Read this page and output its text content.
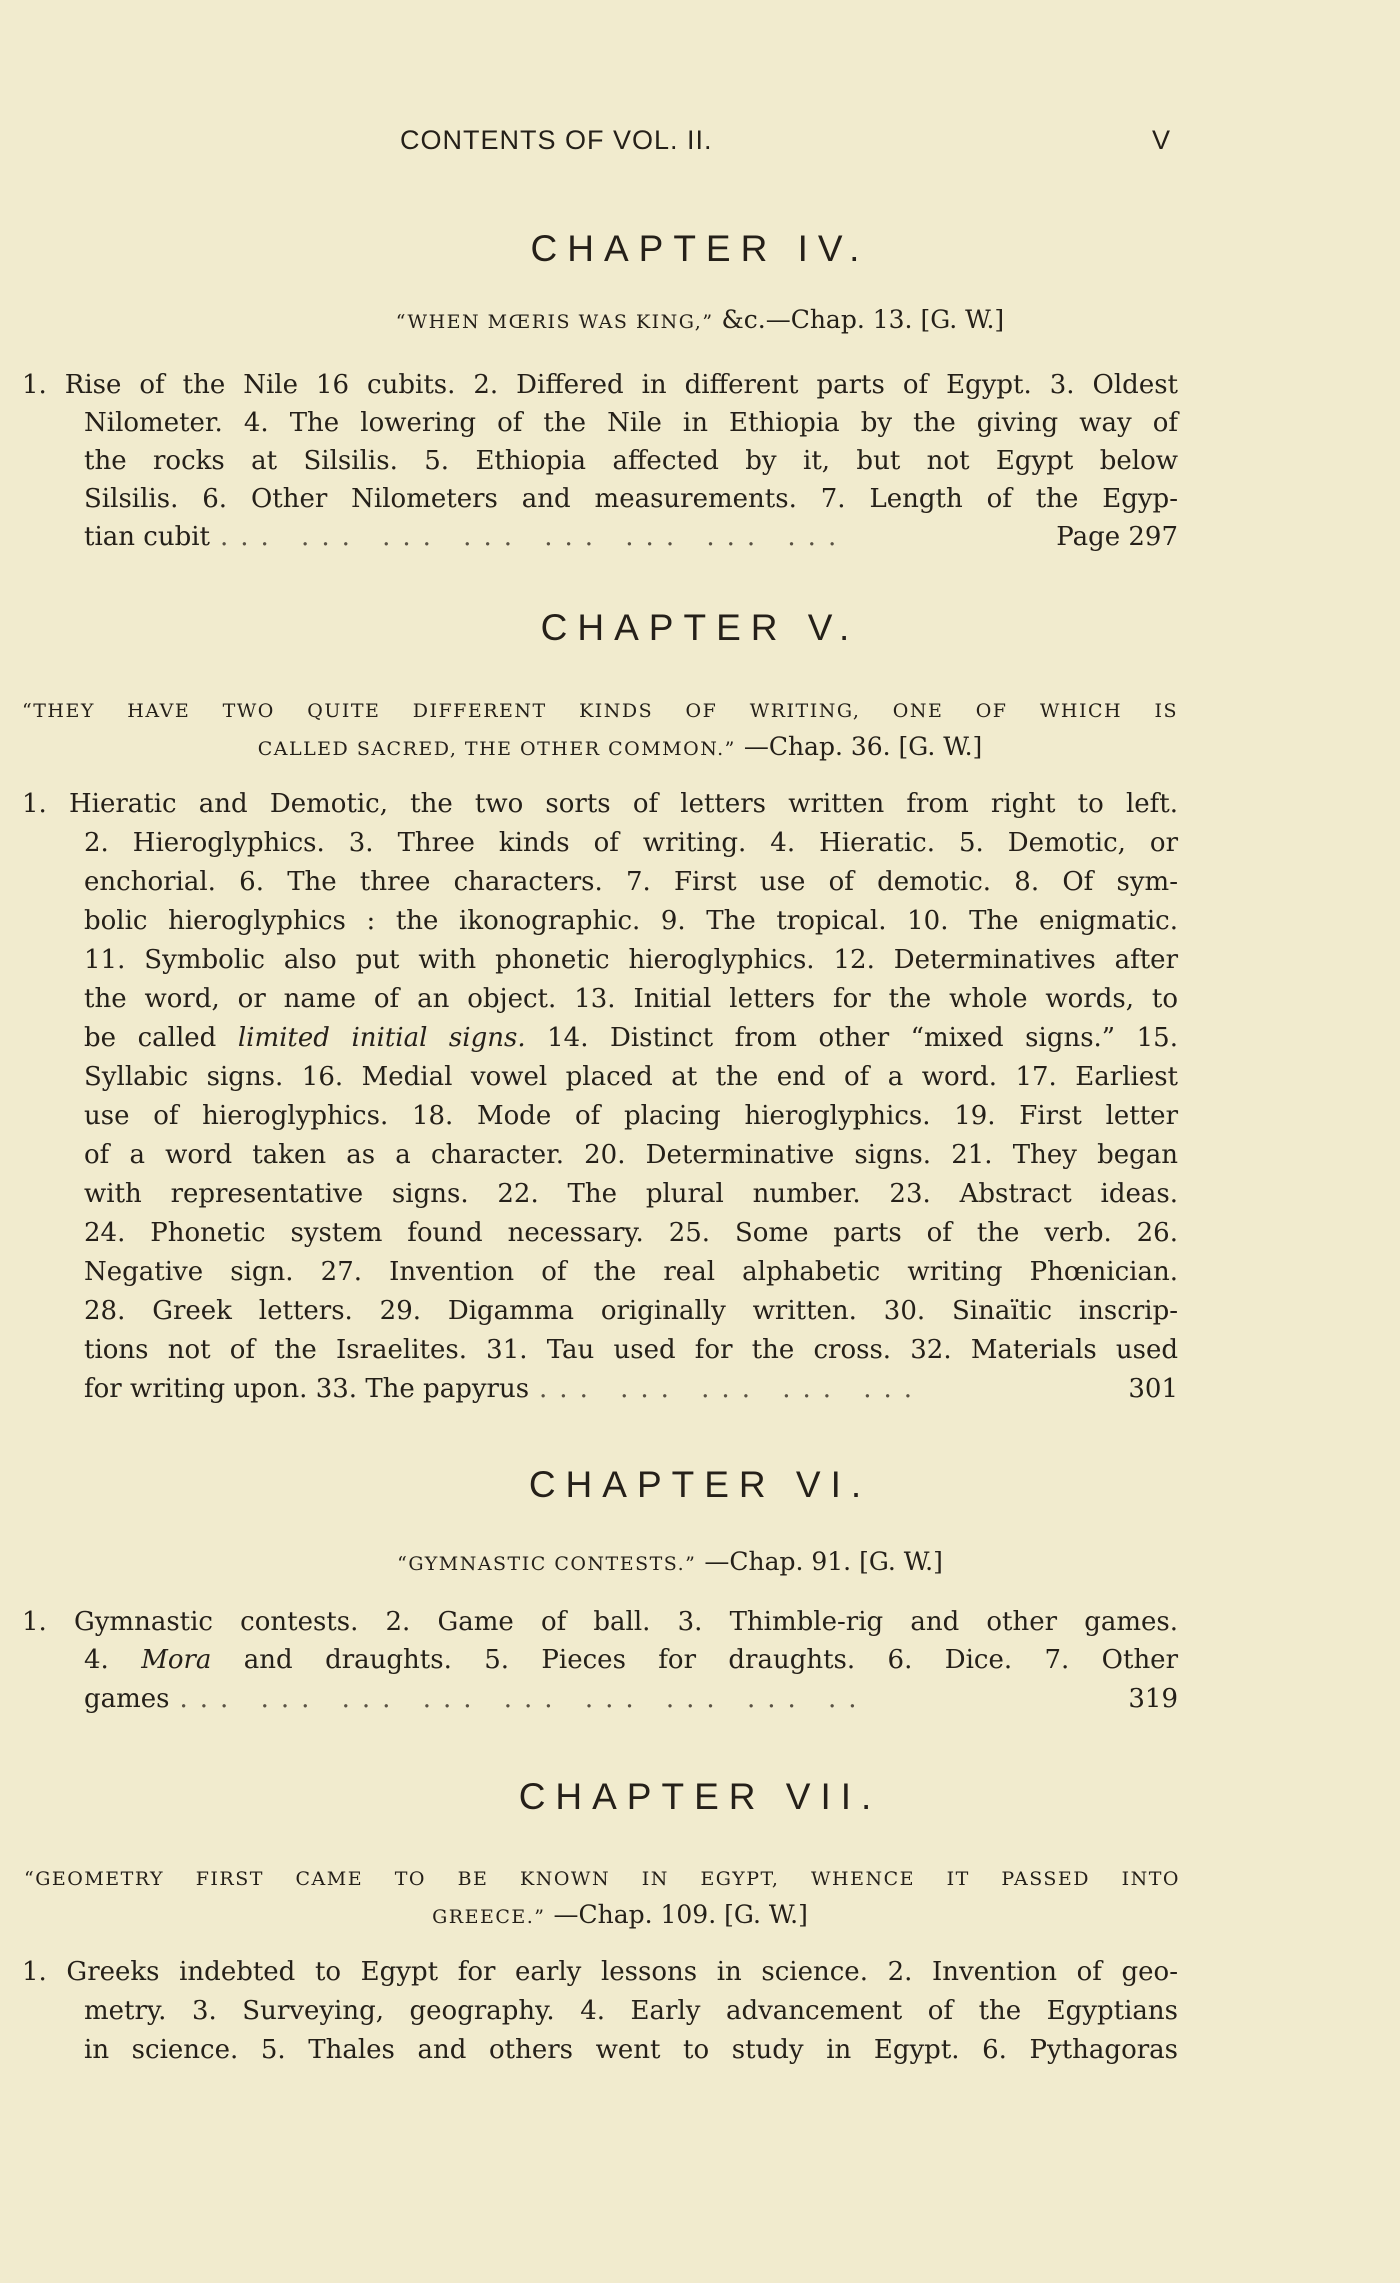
CONTENTS OF VOL. II.	V
CHAPTER IV.
“WHEN MŒRIS WAS KING,” &c.—Chap. 13. [G. W.]
1. Rise of the Nile 16 cubits. 2. Differed in different parts of Egypt. 3. Oldest
Nilometer. 4. The lowering of the Nile in Ethiopia by the giving way of
the rocks at Silsilis. 5. Ethiopia affected by it, but not Egypt below
Silsilis. 6. Other Nilometers and measurements. 7. Length of the Egyp-
tian cubit ... ... ... ... ... ... ... ...	Page 297
CHAPTER V.
“THEY HAVE TWO QUITE DIFFERENT KINDS OF WRITING, ONE OF WHICH IS
CALLED SACRED, THE OTHER COMMON.” —Chap. 36. [G. W.]
1. Hieratic and Demotic, the two sorts of letters written from right to left.
2. Hieroglyphics. 3. Three kinds of writing. 4. Hieratic. 5. Demotic, or
enchorial. 6. The three characters. 7. First use of demotic. 8. Of sym-
bolic hieroglyphics : the ikonographic. 9. The tropical. 10. The enigmatic.
11. Symbolic also put with phonetic hieroglyphics. 12. Determinatives after
the word, or name of an object. 13. Initial letters for the whole words, to
be called limited initial signs. 14. Distinct from other “mixed signs.” 15.
Syllabic signs. 16. Medial vowel placed at the end of a word. 17. Earliest
use of hieroglyphics. 18. Mode of placing hieroglyphics. 19. First letter
of a word taken as a character. 20. Determinative signs. 21. They began
with representative signs. 22. The plural number. 23. Abstract ideas.
24. Phonetic system found necessary. 25. Some parts of the verb. 26.
Negative sign. 27. Invention of the real alphabetic writing Phœnician.
28. Greek letters. 29. Digamma originally written. 30. Sinaïtic inscrip-
tions not of the Israelites. 31. Tau used for the cross. 32. Materials used
for writing upon. 33. The papyrus ... ... ... ... ...	301
CHAPTER VI.
“GYMNASTIC CONTESTS.” —Chap. 91. [G. W.]
1. Gymnastic contests. 2. Game of ball. 3. Thimble-rig and other games.
4. Mora and draughts. 5. Pieces for draughts. 6. Dice. 7. Other
games ... ... ... ... ... ... ... ... ..	319
CHAPTER VII.
“GEOMETRY FIRST CAME TO BE KNOWN IN EGYPT, WHENCE IT PASSED INTO
GREECE.” —Chap. 109. [G. W.]
1. Greeks indebted to Egypt for early lessons in science. 2. Invention of geo-
metry. 3. Surveying, geography. 4. Early advancement of the Egyptians
in science. 5. Thales and others went to study in Egypt. 6. Pythagoras
